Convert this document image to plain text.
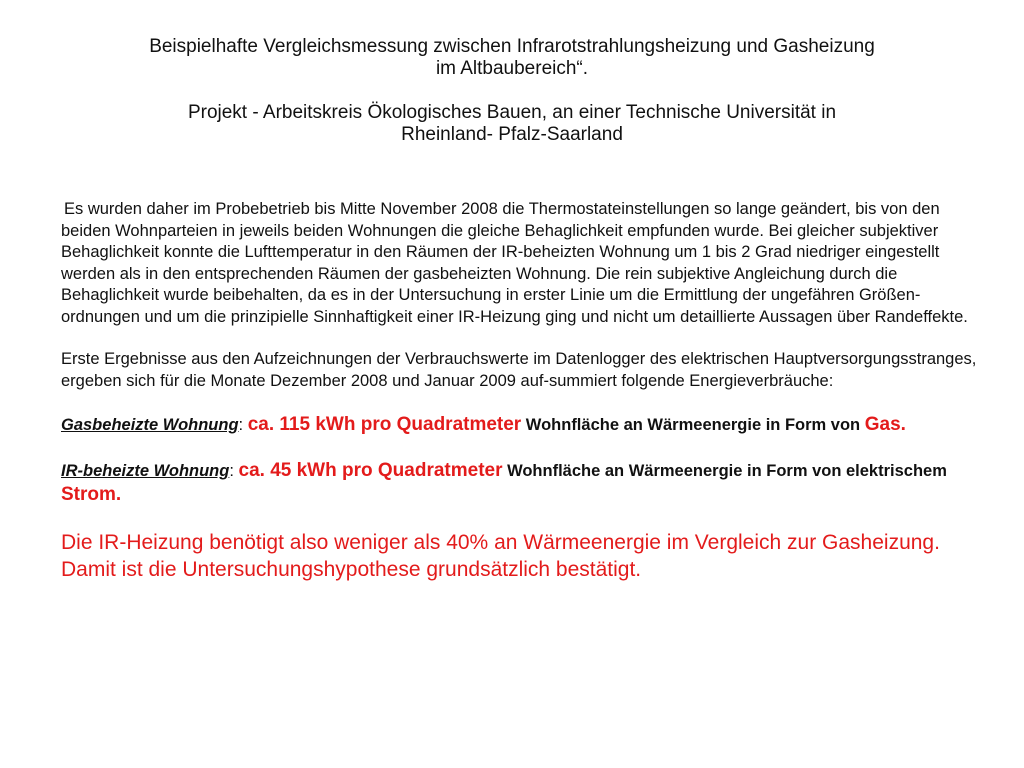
Beispielhafte Vergleichsmessung zwischen Infrarotstrahlungsheizung und Gasheizung

im Altbaubereich“.

Projekt - Arbeitskreis Ökologisches Bauen, an einer Technische Universität in

Rheinland- Pfalz-Saarland

Es wurden daher im Probebetrieb bis Mitte November 2008 die Thermostateinstellungen so lange geändert, bis von den beiden Wohnparteien in jeweils beiden Wohnungen die gleiche Behaglichkeit empfunden wurde. Bei gleicher subjektiver Behaglichkeit konnte die Lufttemperatur in den Räumen der IR-beheizten Wohnung um 1 bis 2 Grad niedriger eingestellt werden als in den entsprechenden Räumen der gasbeheizten Wohnung. Die rein subjektive Angleichung durch die Behaglichkeit wurde beibehalten, da es in der Untersuchung in erster Linie um die Ermittlung der ungefähren Größen-ordnungen und um die prinzipielle Sinnhaftigkeit einer IR-Heizung ging und nicht um detaillierte Aussagen über Randeffekte.

Erste Ergebnisse aus den Aufzeichnungen der Verbrauchswerte im Datenlogger des elektrischen Hauptversorgungsstranges, ergeben sich für die Monate Dezember 2008 und Januar 2009 auf-summiert folgende Energieverbräuche:

Gasbeheizte Wohnung: ca. 115 kWh pro Quadratmeter Wohnfläche an Wärmeenergie in Form von Gas.

IR-beheizte Wohnung: ca. 45 kWh pro Quadratmeter Wohnfläche an Wärmeenergie in Form von elektrischem Strom.

Die IR-Heizung benötigt also weniger als 40% an Wärmeenergie im Vergleich zur Gasheizung. Damit ist die Untersuchungshypothese grundsätzlich bestätigt.
